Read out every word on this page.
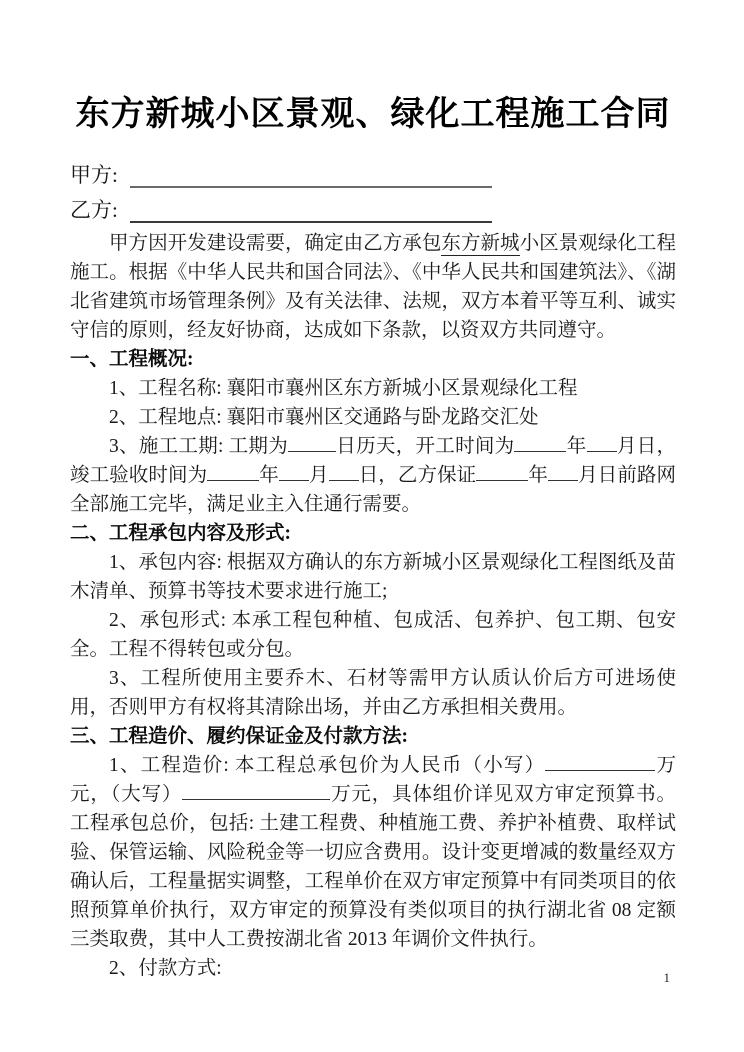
东方新城小区景观、绿化工程施工合同
甲方:
乙方:

甲方因开发建设需要，确定由乙方承包东方新城小区景观绿化工程施工。根据《中华人民共和国合同法》、《中华人民共和国建筑法》、《湖北省建筑市场管理条例》及有关法律、法规，双方本着平等互利、诚实守信的原则，经友好协商，达成如下条款，以资双方共同遵守。

一、工程概况:

1、工程名称: 襄阳市襄州区东方新城小区景观绿化工程

2、工程地点: 襄阳市襄州区交通路与卧龙路交汇处

3、施工工期: 工期为 日历天，开工时间为	年 月日，竣工验收时间为	年 月 日，乙方保证	年 月日前路网全部施工完毕，满足业主入住通行需要。

二、工程承包内容及形式:

1、承包内容: 根据双方确认的东方新城小区景观绿化工程图纸及苗木清单、预算书等技术要求进行施工;

2、承包形式: 本承工程包种植、包成活、包养护、包工期、包安全。工程不得转包或分包。

3、工程所使用主要乔木、石材等需甲方认质认价后方可进场使用，否则甲方有权将其清除出场，并由乙方承担相关费用。

三、工程造价、履约保证金及付款方法:

1、工程造价: 本工程总承包价为人民币（小写）	万元，（大写）	万元，具体组价详见双方审定预算书。工程承包总价，包括: 土建工程费、种植施工费、养护补植费、取样试验、保管运输、风险税金等一切应含费用。设计变更增减的数量经双方确认后，工程量据实调整，工程单价在双方审定预算中有同类项目的依照预算单价执行，双方审定的预算没有类似项目的执行湖北省 08 定额三类取费，其中人工费按湖北省 2013 年调价文件执行。

2、付款方式:	1
